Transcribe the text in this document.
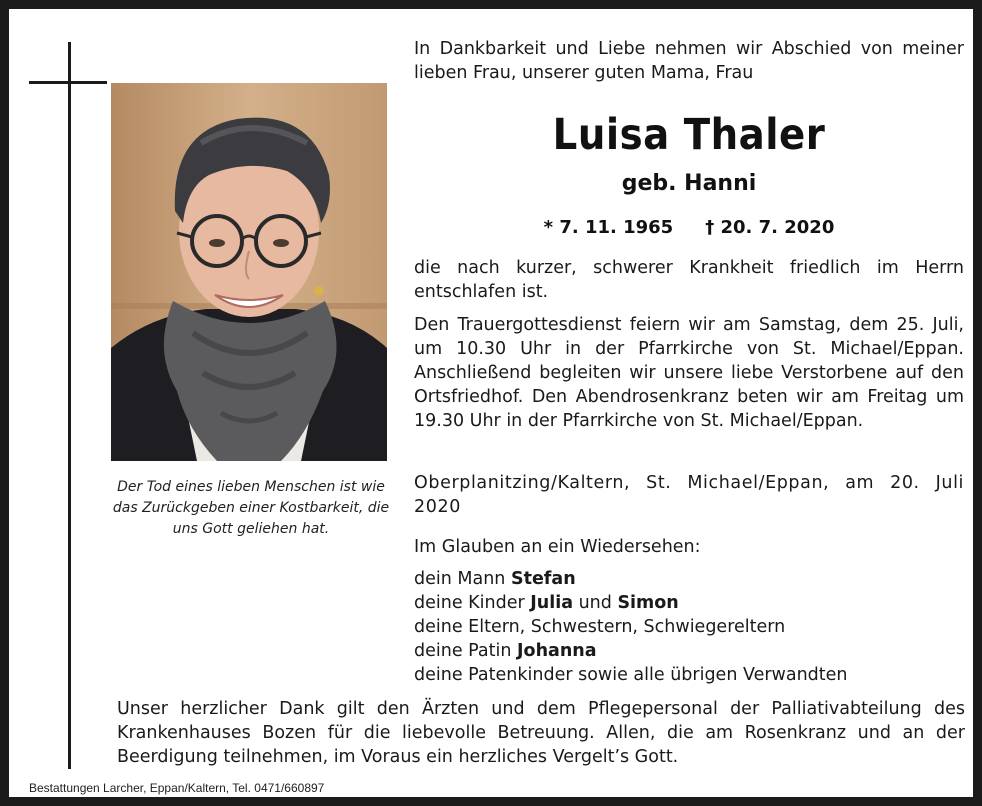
Der Tod eines lieben Menschen ist wie das Zurückgeben einer Kostbarkeit, die uns Gott geliehen hat.
In Dankbarkeit und Liebe nehmen wir Abschied von meiner lieben Frau, unserer guten Mama, Frau
Luisa Thaler
geb. Hanni
* 7. 11. 1965 † 20. 7. 2020
die nach kurzer, schwerer Krankheit friedlich im Herrn entschlafen ist.
Den Trauergottesdienst feiern wir am Samstag, dem 25. Juli, um 10.30 Uhr in der Pfarrkirche von St. Michael/Eppan. Anschließend begleiten wir unsere liebe Verstorbene auf den Ortsfriedhof. Den Abendrosenkranz beten wir am Freitag um 19.30 Uhr in der Pfarrkirche von St. Michael/Eppan.
Oberplanitzing/Kaltern, St. Michael/Eppan, am 20. Juli 2020
Im Glauben an ein Wiedersehen:
dein Mann Stefan
deine Kinder Julia und Simon
deine Eltern, Schwestern, Schwiegereltern
deine Patin Johanna
deine Patenkinder sowie alle übrigen Verwandten
Unser herzlicher Dank gilt den Ärzten und dem Pflegepersonal der Palliativabteilung des Krankenhauses Bozen für die liebevolle Betreuung. Allen, die am Rosenkranz und an der Beerdigung teilnehmen, im Voraus ein herzliches Vergelt’s Gott.
Bestattungen Larcher, Eppan/Kaltern, Tel. 0471/660897
